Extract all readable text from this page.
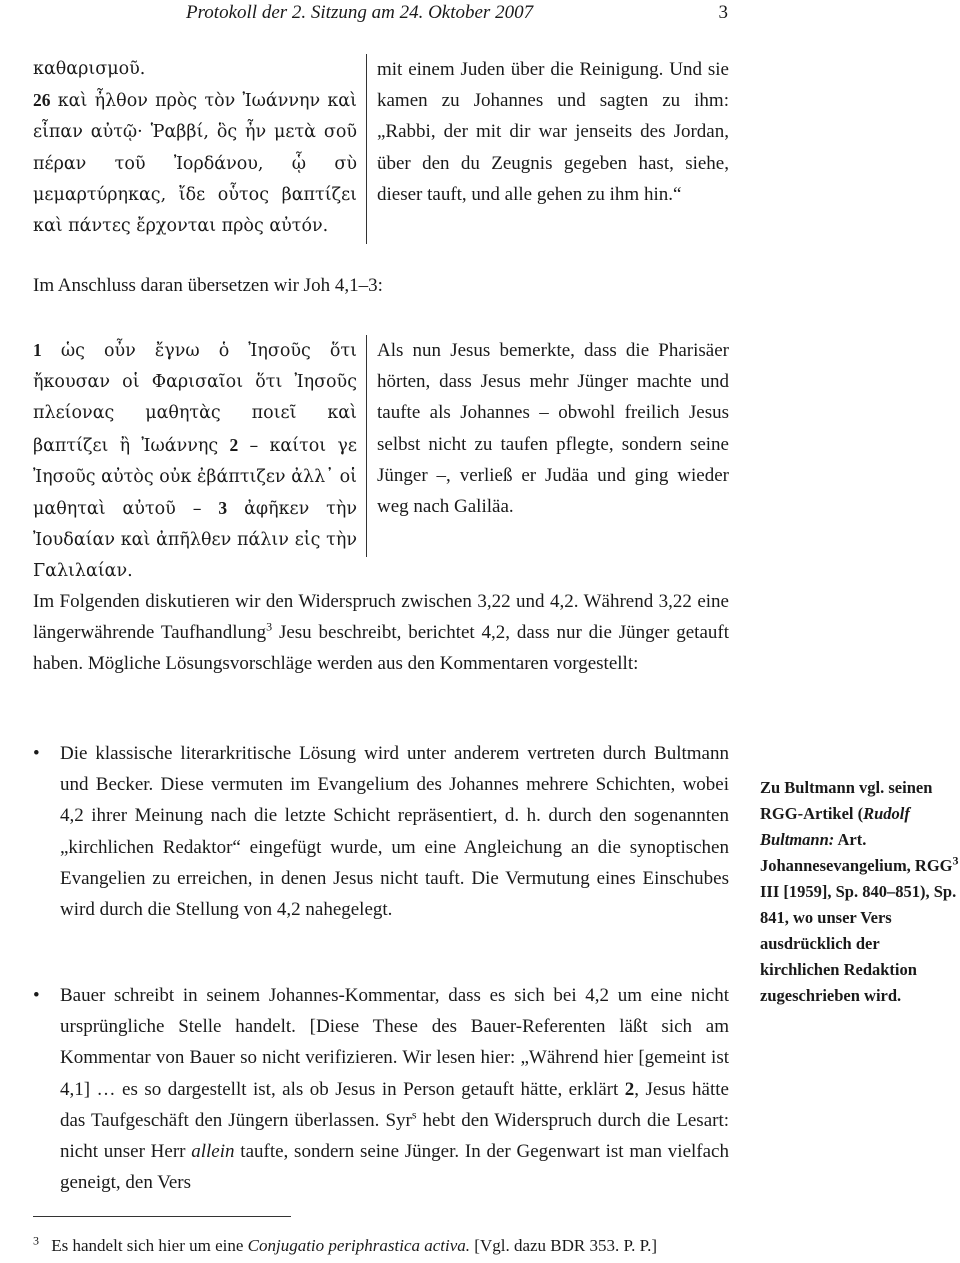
Protokoll der 2. Sitzung am 24. Oktober 2007	3

καθαρισμοῦ.
26 καὶ ἦλθον πρὸς τὸν Ἰωάννην καὶ εἶπαν αὐτῷ· Ῥαββί, ὃς ἦν μετὰ σοῦ πέραν τοῦ Ἰορδάνου, ᾧ σὺ μεμαρτύρηκας, ἴδε οὗτος βαπτίζει καὶ πάντες ἔρχονται πρὸς αὐτόν.

mit einem Juden über die Reinigung. Und sie kamen zu Johannes und sagten zu ihm: „Rabbi, der mit dir war jenseits des Jordan, über den du Zeugnis gegeben hast, siehe, dieser tauft, und alle gehen zu ihm hin.“

Im Anschluss daran übersetzen wir Joh 4,1–3:

1 ὡς οὖν ἔγνω ὁ Ἰησοῦς ὅτι ἤκουσαν οἱ Φαρισαῖοι ὅτι Ἰησοῦς πλείονας μαθητὰς ποιεῖ καὶ βαπτίζει ἢ Ἰωάννης 2 – καίτοι γε Ἰησοῦς αὐτὸς οὐκ ἐβάπτιζεν ἀλλ᾽ οἱ μαθηταὶ αὐτοῦ – 3 ἀφῆκεν τὴν Ἰουδαίαν καὶ ἀπῆλθεν πάλιν εἰς τὴν Γαλιλαίαν.

Als nun Jesus bemerkte, dass die Pharisäer hörten, dass Jesus mehr Jünger machte und taufte als Johannes – obwohl freilich Jesus selbst nicht zu taufen pflegte, sondern seine Jünger –, verließ er Judäa und ging wieder weg nach Galiläa.

Im Folgenden diskutieren wir den Widerspruch zwischen 3,22 und 4,2. Während 3,22 eine längerwährende Taufhandlung$^3$ Jesu beschreibt, berichtet 4,2, dass nur die Jünger getauft haben. Mögliche Lösungsvorschläge werden aus den Kommentaren vorgestellt:

• Die klassische literarkritische Lösung wird unter anderem vertreten durch Bultmann und Becker. Diese vermuten im Evangelium des Johannes mehrere Schichten, wobei 4,2 ihrer Meinung nach die letzte Schicht repräsentiert, d. h. durch den sogenannten „kirchlichen Redaktor“ eingefügt wurde, um eine Angleichung an die synoptischen Evangelien zu erreichen, in denen Jesus nicht tauft. Die Vermutung eines Einschubes wird durch die Stellung von 4,2 nahegelegt.
• Bauer schreibt in seinem Johannes-Kommentar, dass es sich bei 4,2 um eine nicht ursprüngliche Stelle handelt. [Diese These des Bauer-Referenten läßt sich am Kommentar von Bauer so nicht verifizieren. Wir lesen hier: „Während hier [gemeint ist 4,1] … es so dargestellt ist, als ob Jesus in Person getauft hätte, erklärt 2, Jesus hätte das Taufgeschäft den Jüngern überlassen. Syr$^s$ hebt den Widerspruch durch die Lesart: nicht unser Herr allein taufte, sondern seine Jünger. In der Gegenwart ist man vielfach geneigt, den Vers
Zu Bultmann vgl. seinen RGG-Artikel (Rudolf Bultmann: Art. Johannesevangelium, RGG$^3$ III [1959], Sp. 840–851), Sp. 841, wo unser Vers ausdrücklich der kirchlichen Redaktion zugeschrieben wird.
$^3$ Es handelt sich hier um eine Conjugatio periphrastica activa. [Vgl. dazu BDR 353. P. P.]
